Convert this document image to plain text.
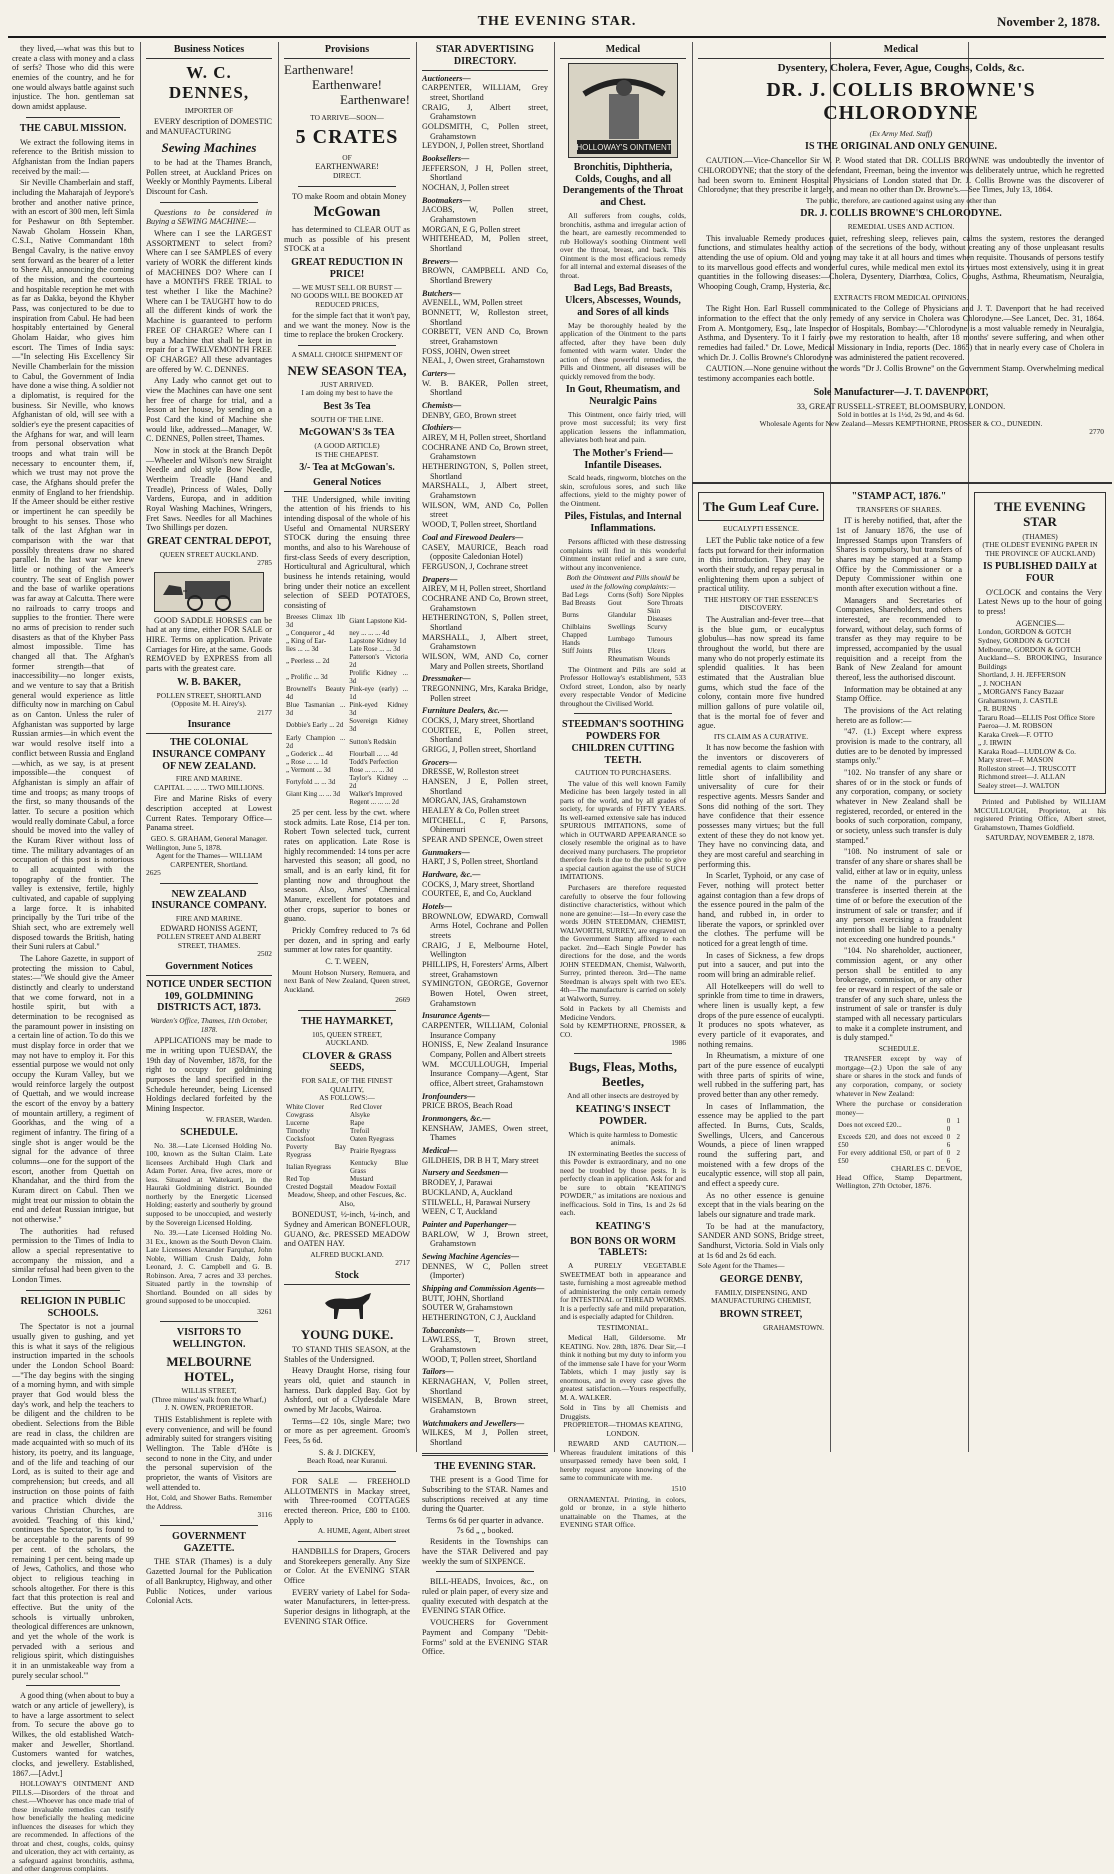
THE EVENING STAR.	November 2, 1878.

they lived,—what was this but to create a class with money and a class of serfs? Those who did this were enemies of the country, and he for one would always battle against such injustice. The hon. gentleman sat down amidst applause.

THE CABUL MISSION.

We extract the following items in reference to the British mission to Afghanistan from the Indian papers received by the mail:—

Sir Neville Chamberlain and staff, including the Maharajah of Jeypore's brother and another native prince, with an escort of 300 men, left Simla for Peshawur on 8th September. Nawab Gholam Hossein Khan, C.S.I., Native Commandant 18th Bengal Cavalry, is the native envoy sent forward as the bearer of a letter to Shere Ali, announcing the coming of the mission, and the courteous and hospitable reception he met with as far as Dakka, beyond the Khyber Pass, was conjectured to be due to inspiration from Cabul. He had been hospitably entertained by General Gholam Haidar, who gives him escort. The Times of India says:—"In selecting His Excellency Sir Neville Chamberlain for the mission to Cabul, the Government of India have done a wise thing. A soldier not a diplomatist, is required for the business. Sir Neville, who knows Afghanistan of old, will see with a soldier's eye the present capacities of the Afghans for war, and will learn from personal observation what troops and what train will be necessary to encounter them, if, which we trust may not prove the case, the Afghans should prefer the enmity of England to her friendship. If the Ameer should be either restive or impertinent he can speedily be brought to his senses. Those who talk of the last Afghan war in comparison with the war that possibly threatens draw no shared parallel. In the last war we knew little or nothing of the Ameer's country. The seat of English power and the base of warlike operations was far away at Calcutta. There were no railroads to carry troops and supplies to the frontier. There were no arms of precision to render such disasters as that of the Khyber Pass almost impossible. Time has changed all that. The Afghan's former strength—that of inaccessibility—no longer exists, and we venture to say that a British general would experience as little difficulty now in marching on Cabul as on Canton. Unless the ruler of Afghanistan was supported by large Russian armies—in which event the war would resolve itself into a conflict between Russia and England—which, as we say, is at present impossible—the conquest of Afghanistan is simply an affair of time and troops; as many troops of the first, so many thousands of the latter. To secure a position which would really dominate Cabul, a force should be moved into the valley of the Kuram River without loss of time. The military advantages of an occupation of this post is notorious to all acquainted with the topography of the frontier. The valley is extensive, fertile, highly cultivated, and capable of supplying a large force. It is inhabited principally by the Turi tribe of the Shiah sect, who are extremely well disposed towards the British, hating their Suni rulers at Cabul."

The Lahore Gazette, in support of protecting the mission to Cabul, states:—"We should give the Ameer distinctly and clearly to understand that we come forward, not in a hostile spirit, but with a determination to be recognised as the paramount power in insisting on a certain line of action. To do this we must display force in order that we may not have to employ it. For this essential purpose we would not only occupy the Kuram Valley, but we would reinforce largely the outpost of Quettah, and we would increase the escort of the envoy by a battery of mountain artillery, a regiment of Goorkhas, and the wing of a regiment of infantry. The firing of a single shot is anger would be the signal for the advance of three columns—one for the support of the escort, another from Quettah on Khandahar, and the third from the Kuram direct on Cabul. Then we might treat our mission to obtain the end and defeat Russian intrigue, but not otherwise."

The authorities had refused permission to the Times of India to allow a special representative to accompany the mission, and a similar refusal had been given to the London Times.

RELIGION IN PUBLIC SCHOOLS.

The Spectator is not a journal usually given to gushing, and yet this is what it says of the religious instruction imparted in the schools under the London School Board:—"The day begins with the singing of a morning hymn, and with simple prayer that God would bless the day's work, and help the teachers to be diligent and the children to be obedient. Selections from the Bible are read in class, the children are made acquainted with so much of its history, its poetry, and its language, and of the life and teaching of our Lord, as is suited to their age and comprehension; but creeds, and all instruction on those points of faith and practice which divide the various Christian Churches, are avoided. 'Teaching of this kind,' continues the Spectator, 'is found to be acceptable to the parents of 99 per cent. of the scholars, the remaining 1 per cent. being made up of Jews, Catholics, and those who object to religious teaching in schools altogether. For there is this fact that this protection is real and effective. But the unity of the schools is virtually unbroken, theological differences are unknown, and yet the whole of the work is pervaded with a serious and religious spirit, which distinguishes it in an unmistakeable way from a purely secular school.'"

A good thing (when about to buy a watch or any article of jewellery), is to have a large assortment to select from. To secure the above go to Wilkes, the old established Watch-maker and Jeweller, Shortland. Customers wanted for watches, clocks, and jewellery. Established, 1867.—[Advt.]

HOLLOWAY'S OINTMENT AND PILLS.—Disorders of the throat and chest.—Whoever has once made trial of these invaluable remedies can testify how beneficially the healing medicine influences the diseases for which they are recommended. In affections of the throat and chest, coughs, colds, quinsy and ulceration, they act with certainty, as a safeguard against bronchitis, asthma, and other dangerous complaints.

Business Notices
W. C. DENNES,
IMPORTER OF

EVERY description of DOMESTIC and MANUFACTURING

Sewing Machines

to be had at the Thames Branch, Pollen street, at Auckland Prices on Weekly or Monthly Payments. Liberal Discount for Cash.

Questions to be considered in Buying a SEWING MACHINE:—

Where can I see the LARGEST ASSORTMENT to select from? Where can I see SAMPLES of every variety of WORK the different kinds of MACHINES DO? Where can I have a MONTH'S FREE TRIAL to test whether I like the Machine? Where can I be TAUGHT how to do all the different kinds of work the Machine is guaranteed to perform FREE OF CHARGE? Where can I buy a Machine that shall be kept in repair for a TWELVEMONTH FREE OF CHARGE? All these advantages are offered by W. C. DENNES.

Any Lady who cannot get out to view the Machines can have one sent her free of charge for trial, and a lesson at her house, by sending on a Post Card the kind of Machine she would like, addressed—Manager, W. C. DENNES, Pollen street, Thames.

Now in stock at the Branch Depôt—Wheeler and Wilson's new Straight Needle and old style Bow Needle, Wertheim Treadle (Hand and Treadle), Princess of Wales, Dolly Vardens, Europa, and in addition Royal Washing Machines, Wringers, Fret Saws. Needles for all Machines Two Shillings per dozen.

GREAT CENTRAL DEPOT,
QUEEN STREET AUCKLAND.
2785

GOOD SADDLE HORSES can be had at any time, either FOR SALE or HIRE. Terms on application. Private Carriages for Hire, at the same. Goods REMOVED by EXPRESS from all parts with the greatest care.

W. B. BAKER,
POLLEN STREET, SHORTLAND
(Opposite M. H. Airey's).
2177
Insurance
THE COLONIAL INSURANCE COMPANY OF NEW ZEALAND.
FIRE AND MARINE.
CAPITAL ... ... ... TWO MILLIONS.

Fire and Marine Risks of every description accepted at Lowest Current Rates. Temporary Office—Panama street.

GEO. S. GRAHAM, General Manager.
Wellington, June 5, 1878.
Agent for the Thames— WILLIAM CARPENTER, Shortland.
2625
NEW ZEALAND INSURANCE COMPANY.
FIRE AND MARINE.
EDWARD HONISS AGENT,
POLLEN STREET AND ALBERT STREET, THAMES.
2502
Government Notices
NOTICE UNDER SECTION 109, GOLDMINING DISTRICTS ACT, 1873.
Warden's Office, Thames, 11th October, 1878.

APPLICATIONS may be made to me in writing upon TUESDAY, the 19th day of November, 1878, for the right to occupy for goldmining purposes the land specified in the Schedule hereunder, being Licensed Holdings declared forfeited by the Mining Inspector.

W. FRASER, Warden.
SCHEDULE.

No. 38.—Late Licensed Holding No. 100, known as the Sultan Claim. Late licensees Archibald Hugh Clark and Adam Porter. Area, five acres, more or less. Situated at Waitekauri, in the Hauraki Goldmining district. Bounded northerly by the Energetic Licensed Holding; easterly and southerly by ground supposed to be unoccupied, and westerly by the Sovereign Licensed Holding.

No. 39.—Late Licensed Holding No. 31 Ex., known as the South Devon Claim. Late Licensees Alexander Farquhar, John Noble, William Crush Daldy, John Leonard, J. C. Campbell and G. B. Robinson. Area, 7 acres and 33 perches. Situated partly in the township of Shortland. Bounded on all sides by ground supposed to be unoccupied.

3261
VISITORS TO WELLINGTON.
MELBOURNE HOTEL,
WILLIS STREET,
(Three minutes' walk from the Wharf,)
J. N. OWEN, PROPRIETOR.

THIS Establishment is replete with every convenience, and will be found admirably suited for strangers visiting Wellington. The Table d'Hôte is second to none in the City, and under the personal supervision of the proprietor, the wants of Visitors are well attended to.

Hot, Cold, and Shower Baths. Remember the Address.
3116
GOVERNMENT GAZETTE.

THE STAR (Thames) is a duly Gazetted Journal for the Publication of all Bankruptcy, Highway, and other Public Notices, under various Colonial Acts.

Provisions
Earthenware!
Earthenware!
Earthenware!
TO ARRIVE—SOON—
5 CRATES
OF
EARTHENWARE!
DIRECT.

TO make Room and obtain Money

McGowan

has determined to CLEAR OUT as much as possible of his present STOCK at a

GREAT REDUCTION IN PRICE!
— WE MUST SELL OR BURST —
NO GOODS WILL BE BOOKED AT REDUCED PRICES,

for the simple fact that it won't pay, and we want the money. Now is the time to replace the broken Crockery.

A SMALL CHOICE SHIPMENT OF
NEW SEASON TEA,
JUST ARRIVED.
I am doing my best to have the
Best 3s Tea
SOUTH OF THE LINE.
McGOWAN'S 3s TEA
(A GOOD ARTICLE)
IS THE CHEAPEST.
3/- Tea at McGowan's.
General Notices

THE Undersigned, while inviting the attention of his friends to his intending disposal of the whole of his Useful and Ornamental NURSERY STOCK during the ensuing three months, and also to his Warehouse of first-class Seeds of every description, Horticultural and Agricultural, which business he intends retaining, would bring under their notice an excellent selection of SEED POTATOES, consisting of

Breeses Climax 1lb 3d	Giant Lapstone Kid-
„ Conqueror „ 4d	ney ... ... ... 4d
„ King of Ear-	Lapstone Kidney 1d
lies ... ... 3d	Late Rose ... ... 3d
„ Peerless ... 2d	Patterson's Victoria 2d
„ Prolific ... 3d	Prolific Kidney ... 3d
Brownell's Beauty 4d	Pink-eye (early) ... 1d
Blue Tasmanian ... 3d	Pink-eyed Kidney 3d
Dobbie's Early ... 2d	Sovereign Kidney 3d
Early Champion ... 2d	Sutton's Redskin
„ Goderick ... 4d	Flourball ... ... 4d
„ Rose ... ... 1d	Todd's Perfection
„ Vermont ... 3d	Rose ... ... ... 3d
Fortyfold ... ... 3d	Taylor's Kidney ... 2d
Giant King ... ... 3d	Walker's Improved
	Regent ... ... ... 2d

25 per cent. less by the cwt. where stock admits. Late Rose, £14 per ton. Robert Town selected tuck, current rates on application. Late Rose is highly recommended: 14 tons per acre harvested this season; all good, no small, and is an early kind, fit for planting now and throughout the season. Also, Ames' Chemical Manure, excellent for potatoes and other crops, superior to bones or guano.

Prickly Comfrey reduced to 7s 6d per dozen, and in spring and early summer at low rates for quantity.

C. T. WEEN,

Mount Hobson Nursery, Remuera, and next Bank of New Zealand, Queen street, Auckland.

2669
THE HAYMARKET,
105, QUEEN STREET,
AUCKLAND.
CLOVER & GRASS SEEDS,
FOR SALE, OF THE FINEST QUALITY,
AS FOLLOWS:—
White Clover	Red Clover
Cowgrass	Alsyke
Lucerne	Rape
Timothy	Trefoil
Cocksfoot	Oaten Ryegrass
Poverty Bay Ryegrass	Prairie Ryegrass
Italian Ryegrass	Kentucky Blue Grass
Red Top	Mustard
Crested Dogstail	Meadow Foxtail
Meadow, Sheep, and other Fescues, &c.
Also,

BONEDUST, ½-inch, ¼-inch, and Sydney and American BONEFLOUR, GUANO, &c. PRESSED MEADOW and OATEN HAY.

ALFRED BUCKLAND.
2717
Stock
YOUNG DUKE.

TO STAND THIS SEASON, at the Stables of the Undersigned.

Heavy Draught Horse, rising four years old, quiet and staunch in harness. Dark dappled Bay. Got by Ashford, out of a Clydesdale Mare owned by Mr Jacobs, Wairoa.

Terms—£2 10s, single Mare; two or more as per agreement. Groom's Fees, 5s 6d.

S. & J. DICKEY,
Beach Road, near Kuranui.

FOR SALE — FREEHOLD ALLOTMENTS in Mackay street, with Three-roomed COTTAGES erected thereon. Price, £80 to £100. Apply to

A. HUME, Agent, Albert street

HANDBILLS for Drapers, Grocers and Storekeepers generally. Any Size or Color. At the EVENING STAR Office

EVERY variety of Label for Soda-water Manufacturers, in letter-press. Superior designs in lithograph, at the EVENING STAR Office.

STAR ADVERTISING DIRECTORY.
Auctioneers—
CARPENTER, WILLIAM, Grey street, Shortland
CRAIG, J, Albert street, Grahamstown
GOLDSMITH, C, Pollen street, Grahamstown
LEYDON, J, Pollen street, Shortland
Booksellers—
JEFFERSON, J H, Pollen street, Shortland
NOCHAN, J, Pollen street
Bootmakers—
JACOBS, W, Pollen street, Grahamstown
MORGAN, E G, Pollen street
WHITEHEAD, M, Pollen street, Shortland
Brewers—
BROWN, CAMPBELL AND Co, Shortland Brewery
Butchers—
AVENELL, WM, Pollen street
BONNETT, W, Rolleston street, Shortland
CORBETT, VEN AND Co, Brown street, Grahamstown
FOSS, JOHN, Owen street
NEAL, J, Owen street, Grahamstown
Carters—
W. B. BAKER, Pollen street, Shortland
Chemists—
DENBY, GEO, Brown street
Clothiers—
AIREY, M H, Pollen street, Shortland
COCHRANE AND Co, Brown street, Grahamstown
HETHERINGTON, S, Pollen street, Shortland
MARSHALL, J, Albert street, Grahamstown
WILSON, WM, AND Co, Pollen street
WOOD, T, Pollen street, Shortland
Coal and Firewood Dealers—
CASEY, MAURICE, Beach road (opposite Caledonian Hotel)
FERGUSON, J, Cochrane street
Drapers—
AIREY, M H, Pollen street, Shortland
COCHRANE AND Co, Brown street, Grahamstown
HETHERINGTON, S, Pollen street, Shortland
MARSHALL, J, Albert street, Grahamstown
WILSON, WM, AND Co, corner Mary and Pollen streets, Shortland
Dressmaker—
TREGONNING, Mrs, Karaka Bridge, Pollen street
Furniture Dealers, &c.—
COCKS, J, Mary street, Shortland
COURTEE, E, Pollen street, Shortland
GRIGG, J, Pollen street, Shortland
Grocers—
DRESSE, W, Rolleston street
HANSEN, J E, Pollen street, Shortland
MORGAN, JAS, Grahamstown
HEALEY & Co, Pollen street
MITCHELL, C F, Parsons, Ohinemuri
SPEAR AND SPENCE, Owen street
Gunmakers—
HART, J S, Pollen street, Shortland
Hardware, &c.—
COCKS, J, Mary street, Shortland
COURTEE, E, and Co, Auckland
Hotels—
BROWNLOW, EDWARD, Cornwall Arms Hotel, Cochrane and Pollen streets
CRAIG, J E, Melbourne Hotel, Wellington
PHILLIPS, H, Foresters' Arms, Albert street, Grahamstown
SYMINGTON, GEORGE, Governor Bowen Hotel, Owen street, Grahamstown
Insurance Agents—
CARPENTER, WILLIAM, Colonial Insurance Company
HONISS, E, New Zealand Insurance Company, Pollen and Albert streets
WM. MCCULLOUGH, Imperial Insurance Company—Agent, Star office, Albert street, Grahamstown
Ironfounders—
PRICE BROS, Beach Road
Ironmongers, &c.—
KENSHAW, JAMES, Owen street, Thames
Medical—
GILDHEIS, DR B H T, Mary street
Nursery and Seedsmen—
BRODEY, J, Parawai
BUCKLAND, A, Auckland
STILWELL, H, Parawai Nursery
WEEN, C T, Auckland
Painter and Paperhanger—
BARLOW, W J, Brown street, Grahamstown
Sewing Machine Agencies—
DENNES, W C, Pollen street (Importer)
Shipping and Commission Agents—
BUTT, JOHN, Shortland
SOUTER W, Grahamstown
HETHERINGTON, C J, Auckland
Tobacconists—
LAWLESS, T, Brown street, Grahamstown
WOOD, T, Pollen street, Shortland
Tailors—
KERNAGHAN, V, Pollen street, Shortland
WISEMAN, B, Brown street, Grahamstown
Watchmakers and Jewellers—
WILKES, M J, Pollen street, Shortland
THE EVENING STAR.

THE present is a Good Time for Subscribing to the STAR. Names and subscriptions received at any time during the Quarter.

Terms 6s 6d per quarter in advance.
7s 6d „ „ booked.

Residents in the Townships can have the STAR Delivered and pay weekly the sum of SIXPENCE.

BILL-HEADS, Invoices, &c., on ruled or plain paper, of every size and quality executed with despatch at the EVENING STAR Office.

VOUCHERS for Government Payment and Company "Debit-Forms" sold at the EVENING STAR Office.

Medical
HOLLOWAY'S OINTMENT
Bronchitis, Diphtheria, Colds, Coughs, and all Derangements of the Throat and Chest.

All sufferers from coughs, colds, bronchitis, asthma and irregular action of the heart, are earnestly recommended to rub Holloway's soothing Ointment well over the throat, breast, and back. This Ointment is the most efficacious remedy for all internal and external diseases of the throat.

Bad Legs, Bad Breasts, Ulcers, Abscesses, Wounds, and Sores of all kinds

May be thoroughly healed by the application of the Ointment to the parts affected, after they have been duly fomented with warm water. Under the action of these powerful remedies, the Pills and Ointment, all diseases will be quickly removed from the body.

In Gout, Rheumatism, and Neuralgic Pains

This Ointment, once fairly tried, will prove most successful; its very first application lessens the inflammation, alleviates both heat and pain.

The Mother's Friend—Infantile Diseases.

Scald heads, ringworm, blotches on the skin, scrofulous sores, and such like affections, yield to the mighty power of the Ointment.

Piles, Fistulas, and Internal Inflammations.

Persons afflicted with these distressing complaints will find in this wonderful Ointment instant relief and a sure cure, without any inconvenience.

Both the Ointment and Pills should be used in the following complaints:—
Bad Legs	Corns (Soft)	Sore Nipples
Bad Breasts	Gout	Sore Throats
Burns	Glandular	Skin Diseases
Chilblains	Swellings	Scurvy
Chapped Hands	Lumbago	Tumours
Stiff Joints	Piles	Ulcers
	Rheumatism	Wounds

The Ointment and Pills are sold at Professor Holloway's establishment, 533 Oxford street, London, also by nearly every respectable Vendor of Medicine throughout the Civilised World.

STEEDMAN'S SOOTHING POWDERS FOR CHILDREN CUTTING TEETH.
CAUTION TO PURCHASERS.

The value of this well known Family Medicine has been largely tested in all parts of the world, and by all grades of society, for upwards of FIFTY YEARS. Its well-earned extensive sale has induced SPURIOUS IMITATIONS, some of which in OUTWARD APPEARANCE so closely resemble the original as to have deceived many purchasers. The proprietor therefore feels it due to the public to give a special caution against the use of SUCH IMITATIONS.

Purchasers are therefore requested carefully to observe the four following distinctive characteristics, without which none are genuine:—1st—In every case the words JOHN STEEDMAN, CHEMIST, WALWORTH, SURREY, are engraved on the Government Stamp affixed to each packet. 2nd—Each Single Powder has directions for the dose, and the words JOHN STEEDMAN, Chemist, Walworth, Surrey, printed thereon. 3rd—The name Steedman is always spelt with two EE's. 4th—The manufacture is carried on solely at Walworth, Surrey.

Sold in Packets by all Chemists and Medicine Vendors.
Sold by KEMPTHORNE, PROSSER, & CO.
1986
Bugs, Fleas, Moths, Beetles,
And all other insects are destroyed by
KEATING'S INSECT POWDER.
Which is quite harmless to Domestic animals.

IN exterminating Beetles the success of this Powder is extraordinary, and no one need be troubled by those pests. It is perfectly clean in application. Ask for and be sure to obtain "KEATING'S POWDER," as imitations are noxious and inefficacious. Sold in Tins, 1s and 2s 6d each.

KEATING'S
BON BONS OR WORM TABLETS:

A PURELY VEGETABLE SWEETMEAT both in appearance and taste, furnishing a most agreeable method of administering the only certain remedy for INTESTINAL or THREAD WORMS. It is a perfectly safe and mild preparation, and is especially adapted for Children.

TESTIMONIAL.

Medical Hall, Gildersome. Mr KEATING. Nov. 28th, 1876. Dear Sir,—I think it nothing but my duty to inform you of the immense sale I have for your Worm Tablets, which I may justly say is enormous, and in every case gives the greatest satisfaction.—Yours respectfully, M. A. WALKER.

Sold in Tins by all Chemists and Druggists.
PROPRIETOR—THOMAS KEATING, LONDON.

REWARD AND CAUTION.—Whereas fraudulent imitations of this unsurpassed remedy have been sold, I hereby request anyone knowing of the same to communicate with me.

1510

ORNAMENTAL Printing, in colors, gold or bronze, in a style hitherto unattainable on the Thames, at the EVENING STAR Office.

Medical
Dysentery, Cholera, Fever, Ague, Coughs, Colds, &c.
DR. J. COLLIS BROWNE'S CHLORODYNE
(Ex Army Med. Staff)
IS THE ORIGINAL AND ONLY GENUINE.

CAUTION.—Vice-Chancellor Sir W. P. Wood stated that DR. COLLIS BROWNE was undoubtedly the inventor of CHLORODYNE; that the story of the defendant, Freeman, being the inventor was deliberately untrue, which he regretted had been sworn to. Eminent Hospital Physicians of London stated that Dr. J. Collis Browne was the discoverer of Chlorodyne; that they prescribe it largely, and mean no other than Dr. Browne's.—See Times, July 13, 1864.

The public, therefore, are cautioned against using any other than
DR. J. COLLIS BROWNE'S CHLORODYNE.
REMEDIAL USES AND ACTION.

This invaluable Remedy produces quiet, refreshing sleep, relieves pain, calms the system, restores the deranged functions, and stimulates healthy action of the secretions of the body, without creating any of those unpleasant results attending the use of opium. Old and young may take it at all hours and times when requisite. Thousands of persons testify to its marvellous good effects and wonderful cures, while medical men extol its virtues most extensively, using it in great quantities in the following diseases:—Cholera, Dysentery, Diarrhœa, Colics, Coughs, Asthma, Rheumatism, Neuralgia, Whooping Cough, Cramp, Hysteria, &c.

EXTRACTS FROM MEDICAL OPINIONS.

The Right Hon. Earl Russell communicated to the College of Physicians and J. T. Davenport that he had received information to the effect that the only remedy of any service in Cholera was Chlorodyne.—See Lancet, Dec. 31, 1864. From A. Montgomery, Esq., late Inspector of Hospitals, Bombay:—"Chlorodyne is a most valuable remedy in Neuralgia, Asthma, and Dysentery. To it I fairly owe my restoration to health, after 18 months' severe suffering, and when other remedies had failed." Dr. Lowe, Medical Missionary in India, reports (Dec. 1865) that in nearly every case of Cholera in which Dr. J. Collis Browne's Chlorodyne was administered the patient recovered.

CAUTION.—None genuine without the words "Dr J. Collis Browne" on the Government Stamp. Overwhelming medical testimony accompanies each bottle.

Sole Manufacturer—J. T. DAVENPORT,
33, GREAT RUSSELL-STREET, BLOOMSBURY, LONDON.
Sold in bottles at 1s 1½d, 2s 9d, and 4s 6d.
Wholesale Agents for New Zealand—Messrs KEMPTHORNE, PROSSER & CO., DUNEDIN.
2770
The Gum Leaf Cure.
EUCALYPTI ESSENCE.

LET the Public take notice of a few facts put forward for their information in this introduction. They may be worth their study, and repay perusal in enlightening them upon a subject of practical utility.

THE HISTORY OF THE ESSENCE'S DISCOVERY.

The Australian and-fever tree—that is the blue gum, or eucalyptus globulus—has now spread its fame throughout the world, but there are many who do not properly estimate its splendid qualities. It has been estimated that the Australian blue gums, which stud the face of the colony, contain more five hundred million gallons of pure volatile oil, that is the mortal foe of fever and ague.

ITS CLAIM AS A CURATIVE.

It has now become the fashion with the inventors or discoverers of remedial agents to claim something little short of infallibility and universality of cure for their respective agents. Messrs Sander and Sons did nothing of the sort. They have confidence that their essence possesses many virtues; but the full extent of these they do not know yet. They have no convincing data, and they are most careful and searching in performing this.

In Scarlet, Typhoid, or any case of Fever, nothing will protect better against contagion than a few drops of the essence poured in the palm of the hand, and rubbed in, in order to liberate the vapors, or sprinkled over the clothes. The perfume will be noticed for a great length of time.

In cases of Sickness, a few drops put into a saucer, and put into the room will bring an admirable relief.

All Hotelkeepers will do well to sprinkle from time to time in drawers, where linen is usually kept, a few drops of the pure essence of eucalypti. It produces no spots whatever, as every particle of it evaporates, and nothing remains.

In Rheumatism, a mixture of one part of the pure essence of eucalypti with three parts of spirits of wine, well rubbed in the suffering part, has proved better than any other remedy.

In cases of Inflammation, the essence may be applied to the part affected. In Burns, Cuts, Scalds, Swellings, Ulcers, and Cancerous Wounds, a piece of linen wrapped round the suffering part, and moistened with a few drops of the eucalyptic essence, will stop all pain, and effect a speedy cure.

As no other essence is genuine except that in the vials bearing on the labels our signature and trade mark.

To be had at the manufactory, SANDER AND SONS, Bridge street, Sandhurst, Victoria. Sold in Vials only at 1s 6d and 2s 6d each.

Sole Agent for the Thames—
GEORGE DENBY,
FAMILY, DISPENSING, AND MANUFACTURING CHEMIST,
BROWN STREET,
GRAHAMSTOWN.
"STAMP ACT, 1876."
TRANSFERS OF SHARES.

IT is hereby notified, that, after the 1st of January 1876, the use of Impressed Stamps upon Transfers of Shares is compulsory, but transfers of shares may be stamped at a Stamp Office by the Commissioner or a Deputy Commissioner within one month after execution without a fine.

Managers and Secretaries of Companies, Shareholders, and others interested, are recommended to forward, without delay, such forms of transfer as they may require to be impressed, accompanied by the usual requisition and a receipt from the Bank of New Zealand for amount thereof, less the authorised discount.

Information may be obtained at any Stamp Office.

The provisions of the Act relating hereto are as follow:—

"47. (1.) Except where express provision is made to the contrary, all duties are to be denoted by impressed stamps only."

"102. No transfer of any share or shares of or in the stock or funds of any corporation, company, or society whatever in New Zealand shall be registered, recorded, or entered in the books of such corporation, company, or society, unless such transfer is duly stamped."

"108. No instrument of sale or transfer of any share or shares shall be valid, either at law or in equity, unless the name of the purchaser or transferee is inserted therein at the time of or before the execution of the instrument of sale or transfer; and if any person exercising a fraudulent intention shall be liable to a penalty not exceeding one hundred pounds."

"104. No shareholder, auctioneer, commission agent, or any other person shall be entitled to any brokerage, commission, or any other fee or reward in respect of the sale or transfer of any such share, unless the instrument of sale or transfer is duly stamped with all necessary particulars to make it a complete instrument, and is duly stamped."

SCHEDULE.

TRANSFER except by way of mortgage—(2.) Upon the sale of any share or shares in the stock and funds of any corporation, company, or society whatever in New Zealand:

Where the purchase or consideration money—
Does not exceed £20...	0 1 0
Exceeds £20, and does not exceed £50	0 2 6
For every additional £50, or part of £50	0 2 6
CHARLES C. DEVOE,
Head Office, Stamp Department, Wellington, 27th October, 1876.
THE EVENING STAR
(THAMES)
(THE OLDEST EVENING PAPER IN THE PROVINCE OF AUCKLAND)
IS PUBLISHED DAILY at FOUR

O'CLOCK and contains the Very Latest News up to the hour of going to press!

AGENCIES—
London, GORDON & GOTCH
Sydney, GORDON & GOTCH
Melbourne, GORDON & GOTCH
Auckland—S. BROOKING, Insurance Buildings
Shortland, J. H. JEFFERSON
„ J. NOCHAN
„ MORGAN'S Fancy Bazaar
Grahamstown, J. CASTLE
„ R. BURNS
Tararu Road—ELLIS Post Office Store
Paeroa—J. M. ROBSON
Karaka Creek—F. OTTO
„ J. IRWIN
Karaka Road—LUDLOW & Co.
Mary street—F. MASON
Rolleston street—J. TRUSCOTT
Richmond street—J. ALLAN
Sealey street—J. WALTON

Printed and Published by WILLIAM MCCULLOUGH, Proprietor, at his registered Printing Office, Albert street, Grahamstown, Thames Goldfield.

SATURDAY, NOVEMBER 2, 1878.
